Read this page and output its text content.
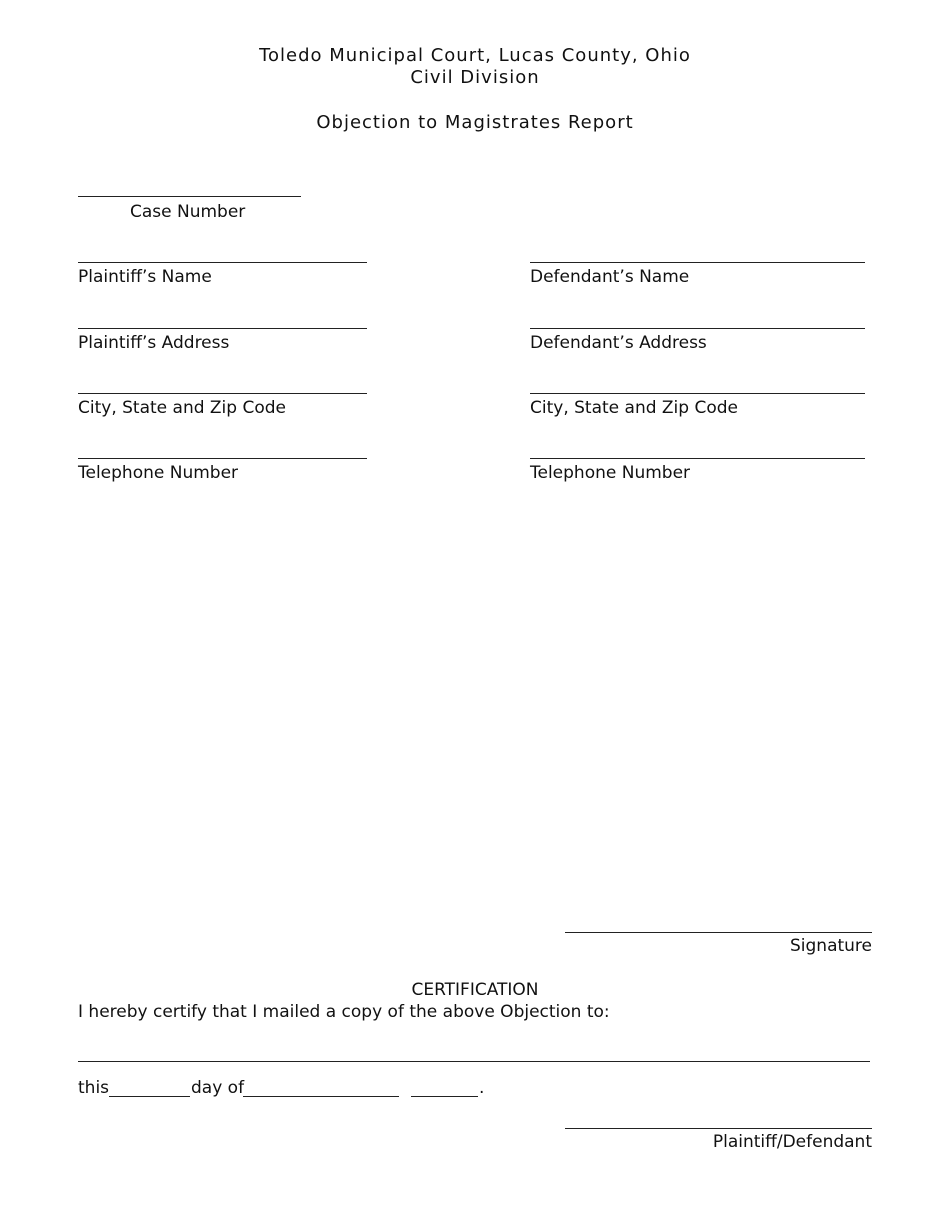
Toledo Municipal Court, Lucas County, Ohio
Civil Division
Objection to Magistrates Report
Case Number
Plaintiff’s Name
Plaintiff’s Address
City, State and Zip Code
Telephone Number
Defendant’s Name
Defendant’s Address
City, State and Zip Code
Telephone Number
Signature
CERTIFICATION
I hereby certify that I mailed a copy of the above Objection to:
this	day of	.
Plaintiff/Defendant
